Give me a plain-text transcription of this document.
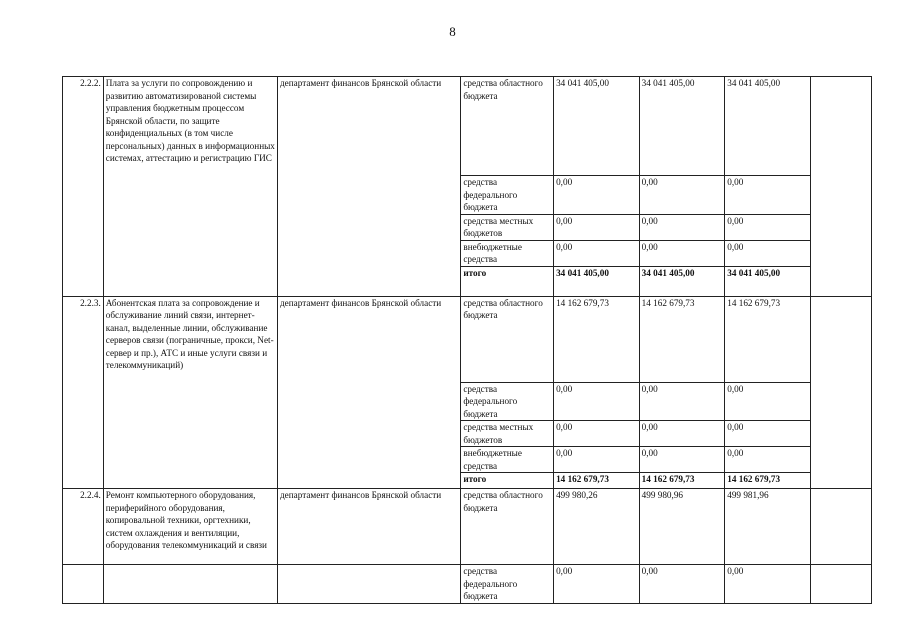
8
2.2.2.	Плата за услуги по сопровождению и развитию автоматизированой системы управления бюджетным процессом Брянской области, по защите конфиденциальных (в том числе персональных) данных в информационных системах, аттестацию и регистрацию ГИС	департамент финансов Брянской области	средства областного бюджета	34 041 405,00	34 041 405,00	34 041 405,00	
			средства федерального бюджета	0,00	0,00	0,00	
			средства местных бюджетов	0,00	0,00	0,00	
			внебюджетные средства	0,00	0,00	0,00	
			итого	34 041 405,00	34 041 405,00	34 041 405,00	
2.2.3.	Абонентская плата за сопровождение и обслуживание линий связи, интернет-канал, выделенные линии, обслуживание серверов связи (пограничные, прокси, Net-сервер и пр.), АТС и иные услуги связи и телекоммуникаций)	департамент финансов Брянской области	средства областного бюджета	14 162 679,73	14 162 679,73	14 162 679,73	
			средства федерального бюджета	0,00	0,00	0,00	
			средства местных бюджетов	0,00	0,00	0,00	
			внебюджетные средства	0,00	0,00	0,00	
			итого	14 162 679,73	14 162 679,73	14 162 679,73	
2.2.4.	Ремонт компьютерного оборудования, периферийного оборудования, копировальной техники, оргтехники, систем охлаждения и вентиляции, оборудования телекоммуникаций и связи	департамент финансов Брянской области	средства областного бюджета	499 980,26	499 980,96	499 981,96	
			средства федерального бюджета	0,00	0,00	0,00	
